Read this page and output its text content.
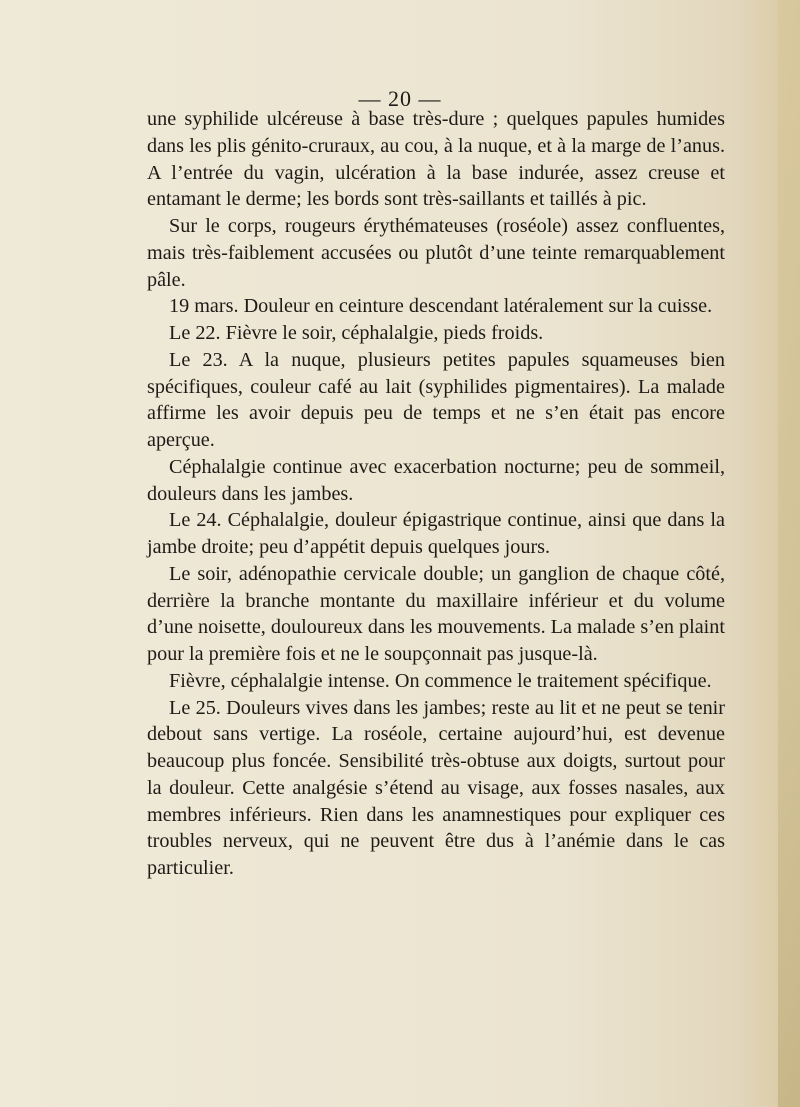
— 20 —

une syphilide ulcéreuse à base très-dure ; quelques papules humides dans les plis génito-cruraux, au cou, à la nuque, et à la marge de l’anus. A l’entrée du vagin, ulcération à la base indurée, assez creuse et entamant le derme; les bords sont très-saillants et taillés à pic.

Sur le corps, rougeurs érythémateuses (roséole) assez confluentes, mais très-faiblement accusées ou plutôt d’une teinte remarquablement pâle.

19 mars. Douleur en ceinture descendant latéralement sur la cuisse.

Le 22. Fièvre le soir, céphalalgie, pieds froids.

Le 23. A la nuque, plusieurs petites papules squameuses bien spécifiques, couleur café au lait (syphilides pigmentaires). La malade affirme les avoir depuis peu de temps et ne s’en était pas encore aperçue.

Céphalalgie continue avec exacerbation nocturne; peu de sommeil, douleurs dans les jambes.

Le 24. Céphalalgie, douleur épigastrique continue, ainsi que dans la jambe droite; peu d’appétit depuis quelques jours.

Le soir, adénopathie cervicale double; un ganglion de chaque côté, derrière la branche montante du maxillaire inférieur et du volume d’une noisette, douloureux dans les mouvements. La malade s’en plaint pour la première fois et ne le soupçonnait pas jusque-là.

Fièvre, céphalalgie intense. On commence le traitement spécifique.

Le 25. Douleurs vives dans les jambes; reste au lit et ne peut se tenir debout sans vertige. La roséole, certaine aujourd’hui, est devenue beaucoup plus foncée. Sensibilité très-obtuse aux doigts, surtout pour la douleur. Cette analgésie s’étend au visage, aux fosses nasales, aux membres inférieurs. Rien dans les anamnestiques pour expliquer ces troubles nerveux, qui ne peuvent être dus à l’anémie dans le cas particulier.
